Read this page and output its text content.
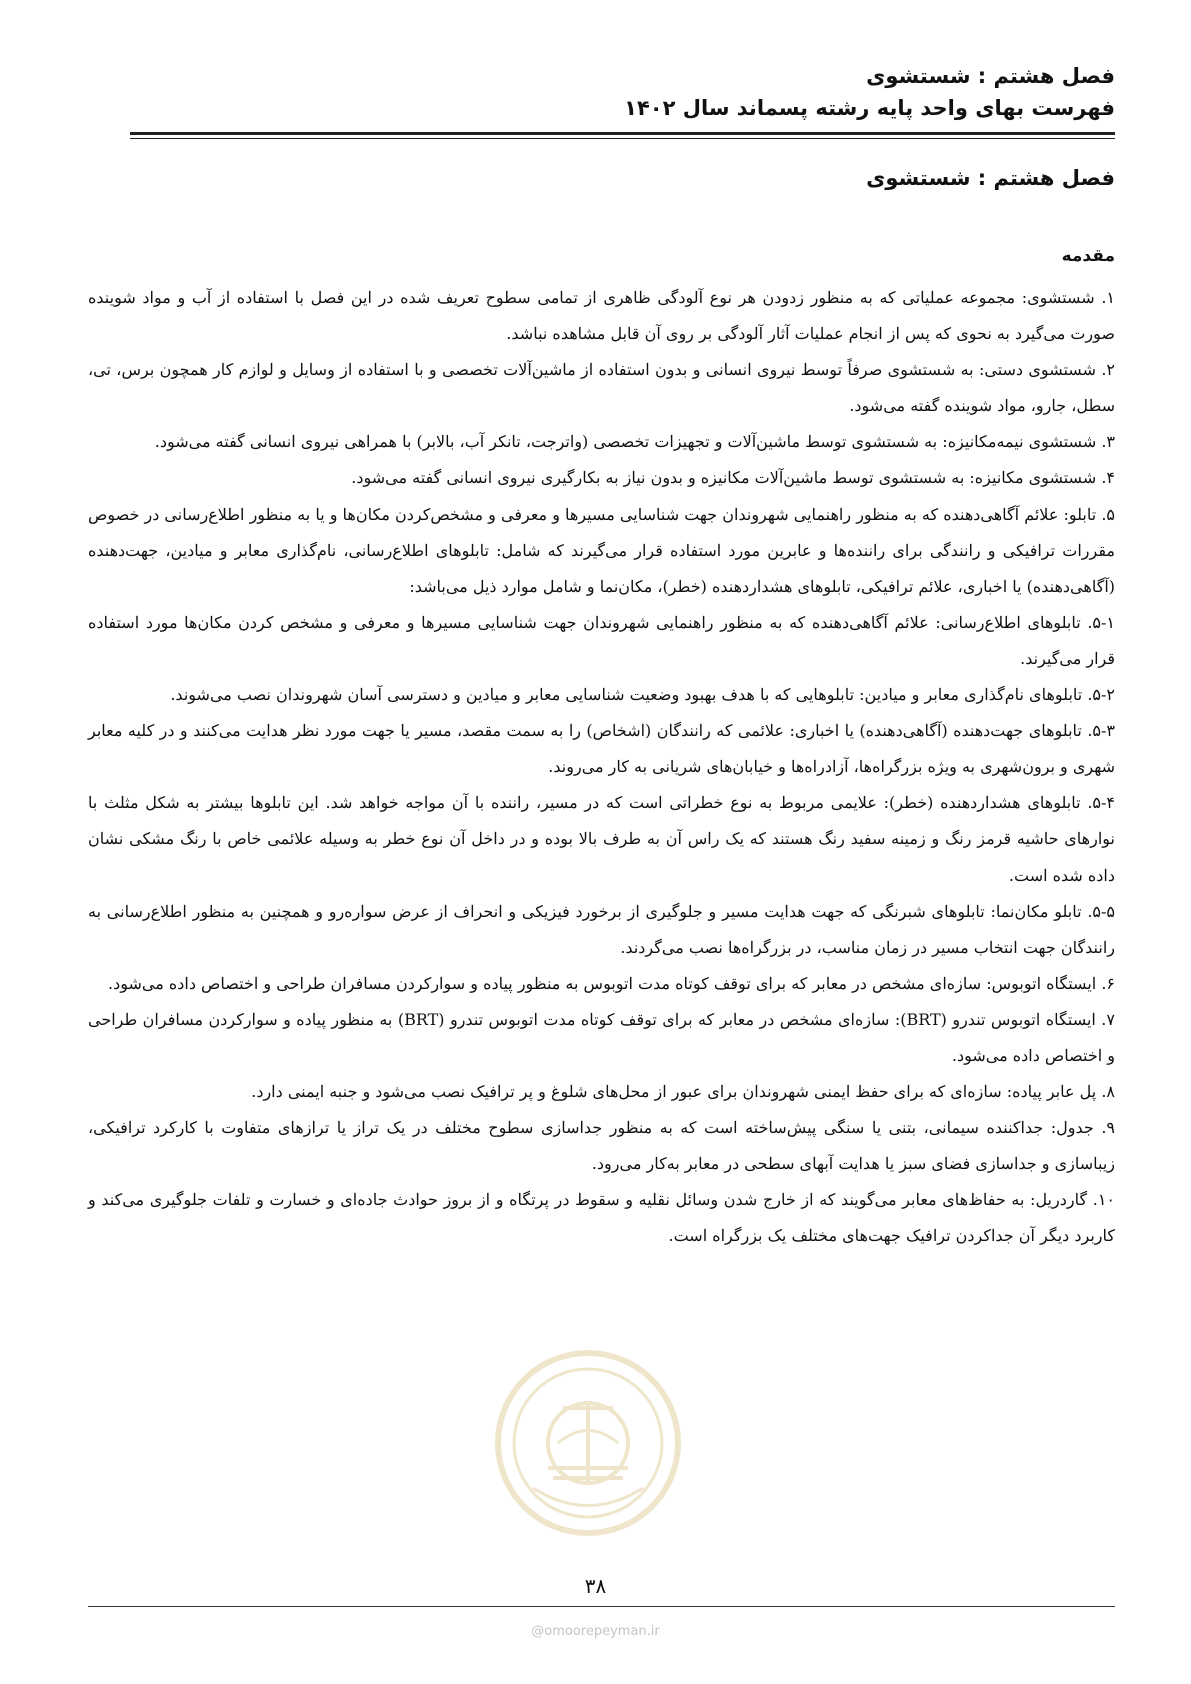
فصل هشتم : شستشوی
فهرست بهای واحد پایه رشته پسماند سال ۱۴۰۲
فصل هشتم : شستشوی
مقدمه

۱. شستشوی: مجموعه عملیاتی که به منظور زدودن هر نوع آلودگی ظاهری از تمامی سطوح تعریف شده در این فصل با استفاده از آب و مواد شوینده صورت می‌گیرد به نحوی که پس از انجام عملیات آثار آلودگی بر روی آن قابل مشاهده نباشد.

۲. شستشوی دستی: به شستشوی صرفاً توسط نیروی انسانی و بدون استفاده از ماشین‌آلات تخصصی و با استفاده از وسایل و لوازم کار همچون برس، تی، سطل، جارو، مواد شوینده گفته می‌شود.

۳. شستشوی نیمه‌مکانیزه: به شستشوی توسط ماشین‌آلات و تجهیزات تخصصی (واترجت، تانکر آب، بالابر) با همراهی نیروی انسانی گفته می‌شود.

۴. شستشوی مکانیزه: به شستشوی توسط ماشین‌آلات مکانیزه و بدون نیاز به بکارگیری نیروی انسانی گفته می‌شود.

۵. تابلو: علائم آگاهی‌دهنده که به منظور راهنمایی شهروندان جهت شناسایی مسیرها و معرفی و مشخص‌کردن مکان‌ها و یا به منظور اطلاع‌رسانی در خصوص مقررات ترافیکی و رانندگی برای راننده‌ها و عابرین مورد استفاده قرار می‌گیرند که شامل: تابلوهای اطلاع‌رسانی، نام‌گذاری معابر و میادین، جهت‌دهنده (آگاهی‌دهنده) یا اخباری، علائم ترافیکی، تابلوهای هشداردهنده (خطر)، مکان‌نما و شامل موارد ذیل می‌باشد:

۵-۱. تابلوهای اطلاع‌رسانی: علائم آگاهی‌دهنده که به منظور راهنمایی شهروندان جهت شناسایی مسیرها و معرفی و مشخص کردن مکان‌ها مورد استفاده قرار می‌گیرند.

۵-۲. تابلوهای نام‌گذاری معابر و میادین: تابلوهایی که با هدف بهبود وضعیت شناسایی معابر و میادین و دسترسی آسان شهروندان نصب می‌شوند.

۵-۳. تابلوهای جهت‌دهنده (آگاهی‌دهنده) یا اخباری: علائمی که رانندگان (اشخاص) را به سمت مقصد، مسیر یا جهت مورد نظر هدایت می‌کنند و در کلیه معابر شهری و برون‌شهری به ویژه بزرگراه‌ها، آزادراه‌ها و خیابان‌های شریانی به کار می‌روند.

۵-۴. تابلوهای هشداردهنده (خطر): علایمی مربوط به نوع خطراتی است که در مسیر، راننده با آن مواجه خواهد شد. این تابلوها بیشتر به شکل مثلث با نوارهای حاشیه قرمز رنگ و زمینه سفید رنگ هستند که یک راس آن به طرف بالا بوده و در داخل آن نوع خطر به وسیله علائمی خاص با رنگ مشکی نشان داده شده است.

۵-۵. تابلو مکان‌نما: تابلوهای شبرنگی که جهت هدایت مسیر و جلوگیری از برخورد فیزیکی و انحراف از عرض سواره‌رو و همچنین به منظور اطلاع‌رسانی به رانندگان جهت انتخاب مسیر در زمان مناسب، در بزرگراه‌ها نصب می‌گردند.

۶. ایستگاه اتوبوس: سازه‌ای مشخص در معابر که برای توقف کوتاه مدت اتوبوس به منظور پیاده و سوارکردن مسافران طراحی و اختصاص داده می‌شود.

۷. ایستگاه اتوبوس تندرو (BRT): سازه‌ای مشخص در معابر که برای توقف کوتاه مدت اتوبوس تندرو (BRT) به منظور پیاده و سوارکردن مسافران طراحی و اختصاص داده می‌شود.

۸. پل عابر پیاده: سازه‌ای که برای حفظ ایمنی شهروندان برای عبور از محل‌های شلوغ و پر ترافیک نصب می‌شود و جنبه ایمنی دارد.

۹. جدول: جداکننده سیمانی، بتنی یا سنگی پیش‌ساخته است که به منظور جداسازی سطوح مختلف در یک تراز یا ترازهای متفاوت با کارکرد ترافیکی، زیباسازی و جداسازی فضای سبز یا هدایت آبهای سطحی در معابر به‌کار می‌رود.

۱۰. گاردریل: به حفاظ‌های معابر می‌گویند که از خارج شدن وسائل نقلیه و سقوط در پرتگاه و از بروز حوادث جاده‌ای و خسارت و تلفات جلوگیری می‌کند و کاربرد دیگر آن جداکردن ترافیک جهت‌های مختلف یک بزرگراه است.

۳۸
@omoorepeyman.ir
